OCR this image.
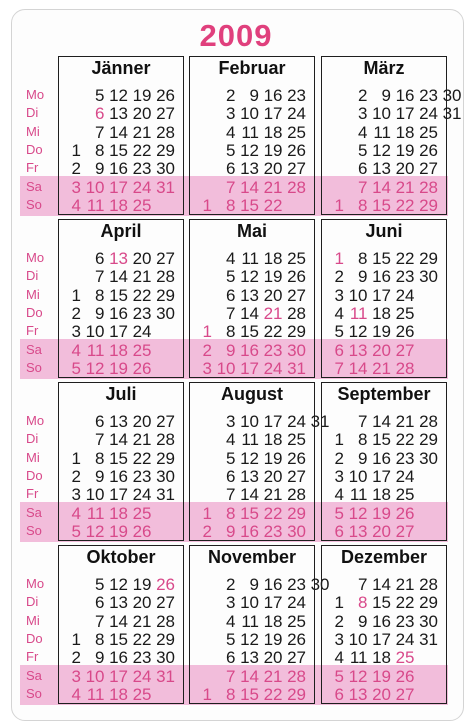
2009
Mo
Di
Mi
Do
Fr
Sa
So
Mo
Di
Mi
Do
Fr
Sa
So
Mo
Di
Mi
Do
Fr
Sa
So
Mo
Di
Mi
Do
Fr
Sa
So
Jänner
1
2
3
4
5
6
7
8
9
10
11
12
13
14
15
16
17
18
19
20
21
22
23
24
25
26
27
28
29
30
31
Februar
1
2
3
4
5
6
7
8
9
10
11
12
13
14
15
16
17
18
19
20
21
22
23
24
25
26
27
28
März
1
2
3
4
5
6
7
8
9
10
11
12
13
14
15
16
17
18
19
20
21
22
23
24
25
26
27
28
29
30
31
April
1
2
3
4
5
6
7
8
9
10
11
12
13
14
15
16
17
18
19
20
21
22
23
24
25
26
27
28
29
30
Mai
1
2
3
4
5
6
7
8
9
10
11
12
13
14
15
16
17
18
19
20
21
22
23
24
25
26
27
28
29
30
31
Juni
1
2
3
4
5
6
7
8
9
10
11
12
13
14
15
16
17
18
19
20
21
22
23
24
25
26
27
28
29
30
Juli
1
2
3
4
5
6
7
8
9
10
11
12
13
14
15
16
17
18
19
20
21
22
23
24
25
26
27
28
29
30
31
August
1
2
3
4
5
6
7
8
9
10
11
12
13
14
15
16
17
18
19
20
21
22
23
24
25
26
27
28
29
30
31
September
1
2
3
4
5
6
7
8
9
10
11
12
13
14
15
16
17
18
19
20
21
22
23
24
25
26
27
28
29
30
Oktober
1
2
3
4
5
6
7
8
9
10
11
12
13
14
15
16
17
18
19
20
21
22
23
24
25
26
27
28
29
30
31
November
1
2
3
4
5
6
7
8
9
10
11
12
13
14
15
16
17
18
19
20
21
22
23
24
25
26
27
28
29
30
Dezember
1
2
3
4
5
6
7
8
9
10
11
12
13
14
15
16
17
18
19
20
21
22
23
24
25
26
27
28
29
30
31
